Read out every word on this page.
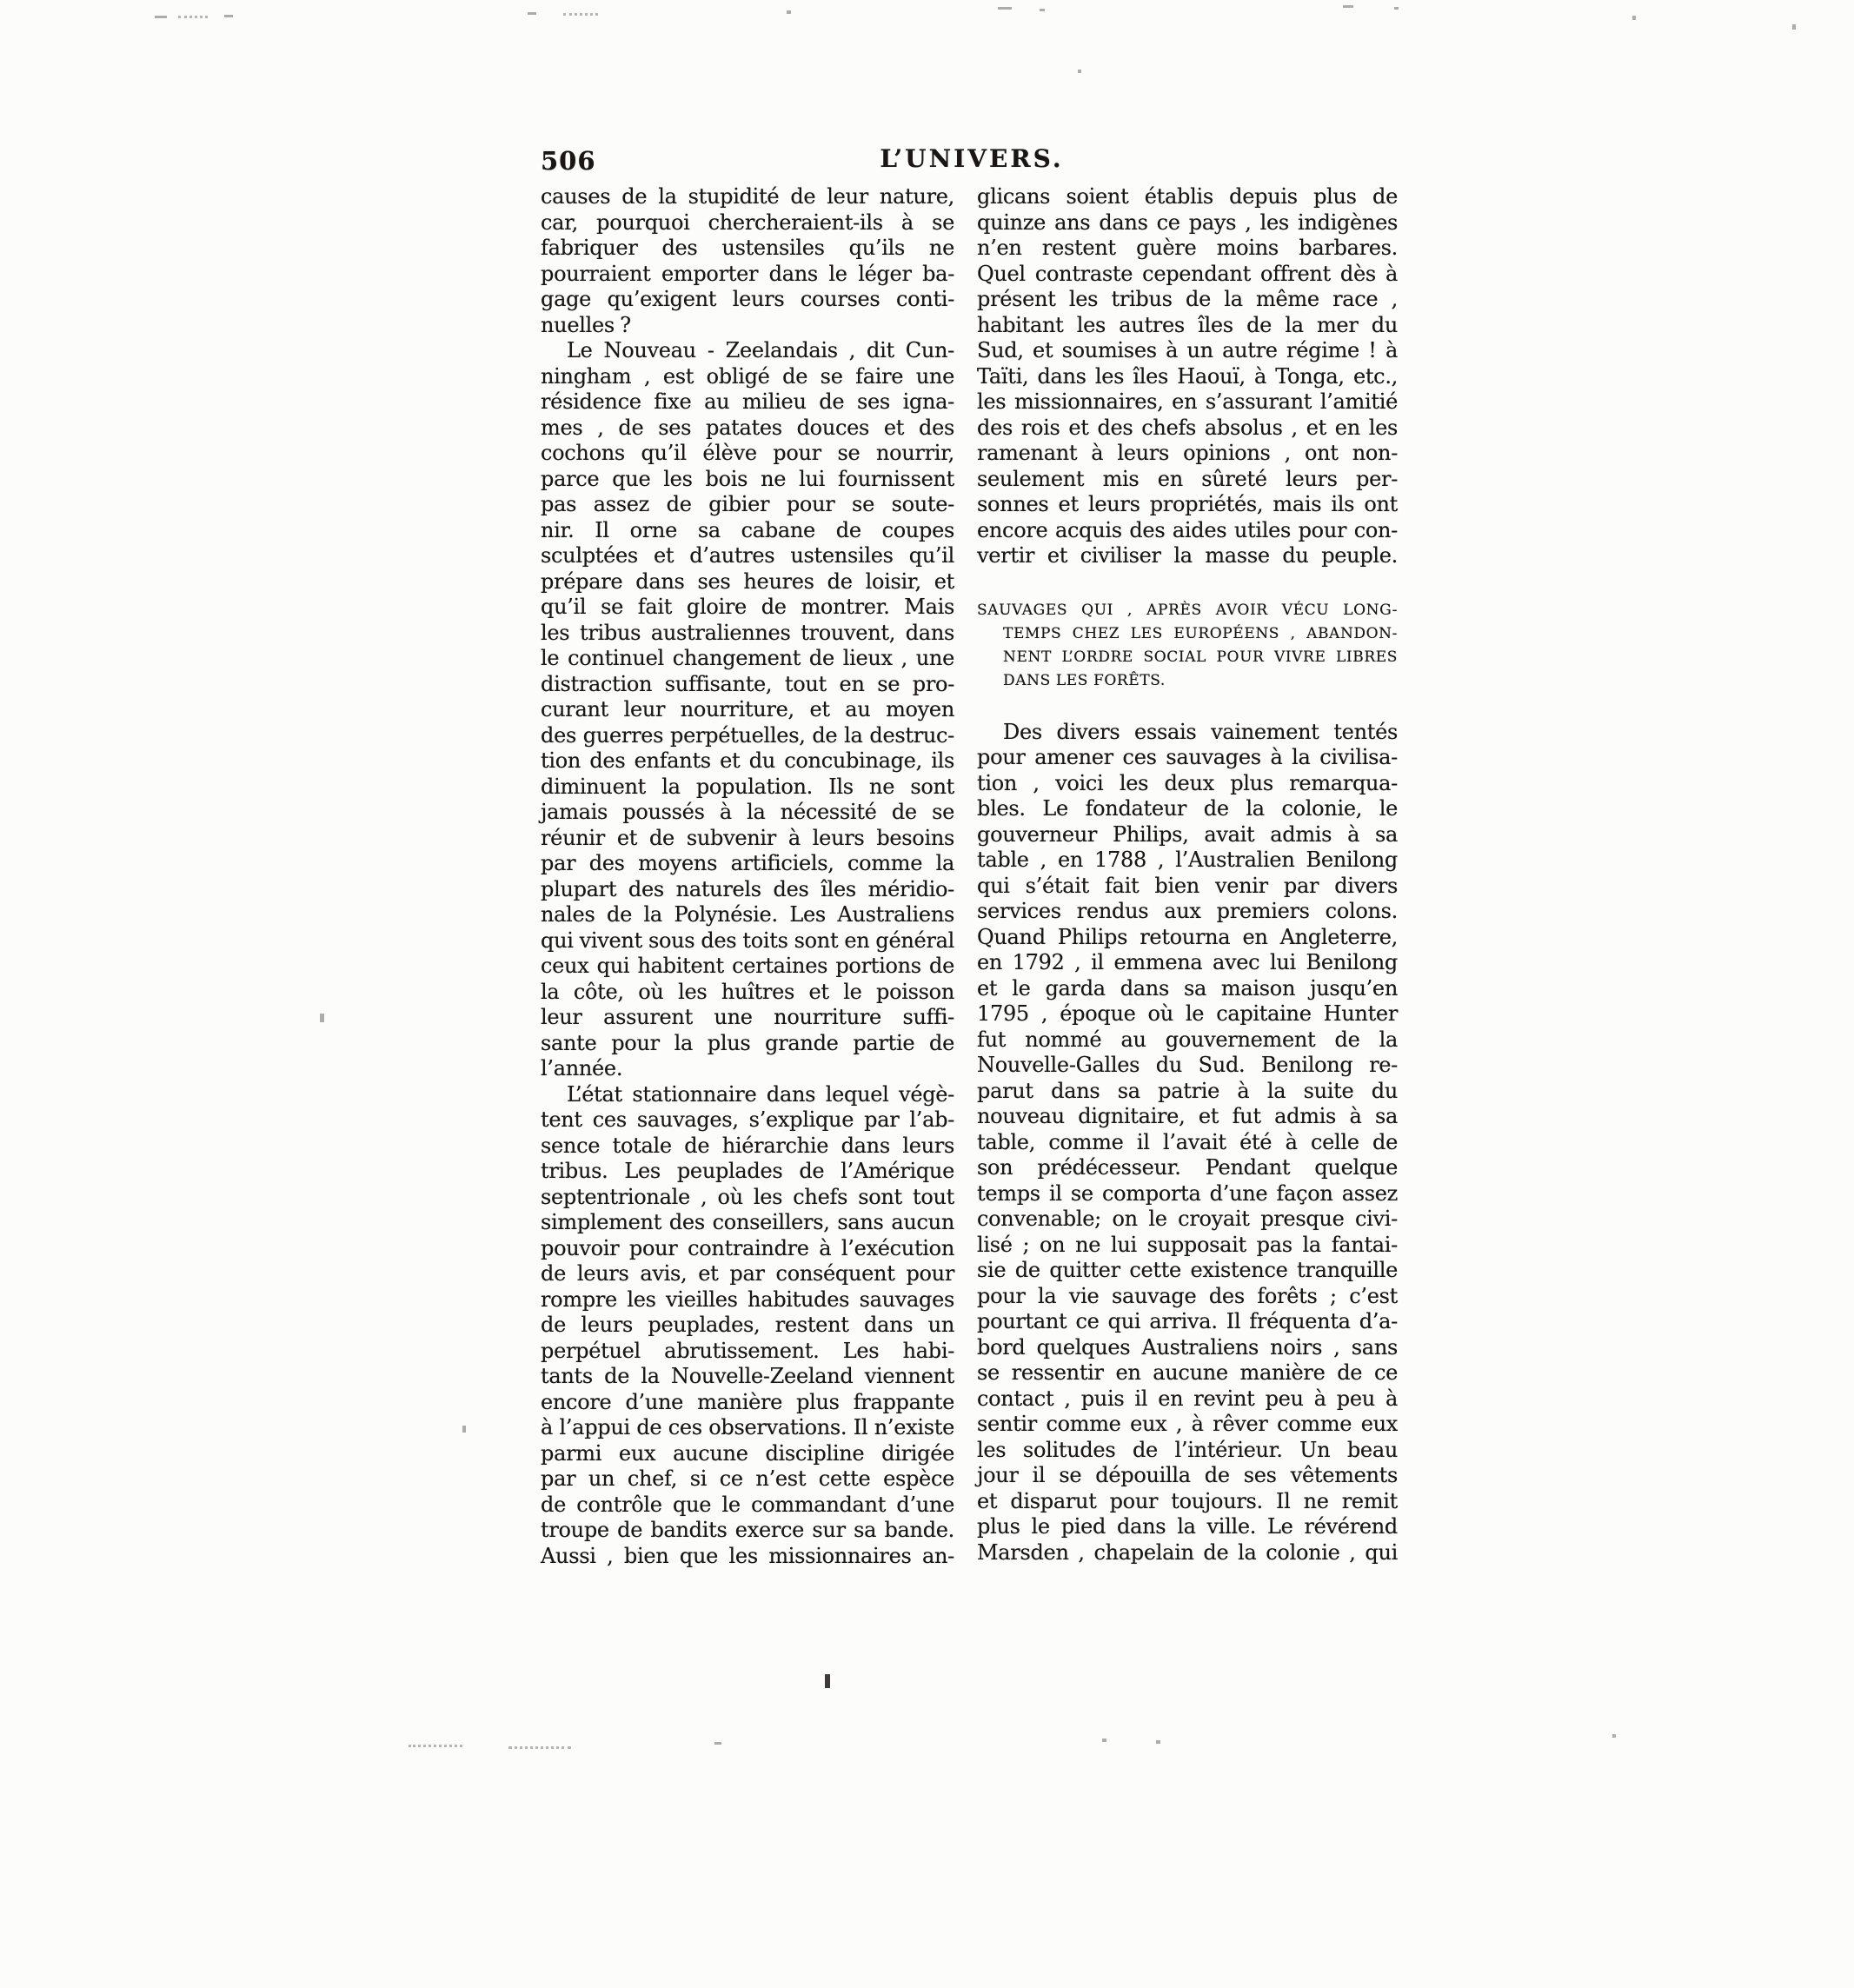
506	L’UNIVERS.
causes de la stupidité de leur nature,
car, pourquoi chercheraient-ils à se
fabriquer des ustensiles qu’ils ne
pourraient emporter dans le léger ba-
gage qu’exigent leurs courses conti-
nuelles ?
Le Nouveau - Zeelandais , dit Cun-
ningham , est obligé de se faire une
résidence fixe au milieu de ses igna-
mes , de ses patates douces et des
cochons qu’il élève pour se nourrir,
parce que les bois ne lui fournissent
pas assez de gibier pour se soute-
nir. Il orne sa cabane de coupes
sculptées et d’autres ustensiles qu’il
prépare dans ses heures de loisir, et
qu’il se fait gloire de montrer. Mais
les tribus australiennes trouvent, dans
le continuel changement de lieux , une
distraction suffisante, tout en se pro-
curant leur nourriture, et au moyen
des guerres perpétuelles, de la destruc-
tion des enfants et du concubinage, ils
diminuent la population. Ils ne sont
jamais poussés à la nécessité de se
réunir et de subvenir à leurs besoins
par des moyens artificiels, comme la
plupart des naturels des îles méridio-
nales de la Polynésie. Les Australiens
qui vivent sous des toits sont en général
ceux qui habitent certaines portions de
la côte, où les huîtres et le poisson
leur assurent une nourriture suffi-
sante pour la plus grande partie de
l’année.
L’état stationnaire dans lequel végè-
tent ces sauvages, s’explique par l’ab-
sence totale de hiérarchie dans leurs
tribus. Les peuplades de l’Amérique
septentrionale , où les chefs sont tout
simplement des conseillers, sans aucun
pouvoir pour contraindre à l’exécution
de leurs avis, et par conséquent pour
rompre les vieilles habitudes sauvages
de leurs peuplades, restent dans un
perpétuel abrutissement. Les habi-
tants de la Nouvelle-Zeeland viennent
encore d’une manière plus frappante
à l’appui de ces observations. Il n’existe
parmi eux aucune discipline dirigée
par un chef, si ce n’est cette espèce
de contrôle que le commandant d’une
troupe de bandits exerce sur sa bande.
Aussi , bien que les missionnaires an-
glicans soient établis depuis plus de
quinze ans dans ce pays , les indigènes
n’en restent guère moins barbares.
Quel contraste cependant offrent dès à
présent les tribus de la même race ,
habitant les autres îles de la mer du
Sud, et soumises à un autre régime ! à
Taïti, dans les îles Haouï, à Tonga, etc.,
les missionnaires, en s’assurant l’amitié
des rois et des chefs absolus , et en les
ramenant à leurs opinions , ont non-
seulement mis en sûreté leurs per-
sonnes et leurs propriétés, mais ils ont
encore acquis des aides utiles pour con-
vertir et civiliser la masse du peuple.
SAUVAGES QUI , APRÈS AVOIR VÉCU LONG-
TEMPS CHEZ LES EUROPÉENS , ABANDON-
NENT L’ORDRE SOCIAL POUR VIVRE LIBRES
DANS LES FORÊTS.
Des divers essais vainement tentés
pour amener ces sauvages à la civilisa-
tion , voici les deux plus remarqua-
bles. Le fondateur de la colonie, le
gouverneur Philips, avait admis à sa
table , en 1788 , l’Australien Benilong
qui s’était fait bien venir par divers
services rendus aux premiers colons.
Quand Philips retourna en Angleterre,
en 1792 , il emmena avec lui Benilong
et le garda dans sa maison jusqu’en
1795 , époque où le capitaine Hunter
fut nommé au gouvernement de la
Nouvelle-Galles du Sud. Benilong re-
parut dans sa patrie à la suite du
nouveau dignitaire, et fut admis à sa
table, comme il l’avait été à celle de
son prédécesseur. Pendant quelque
temps il se comporta d’une façon assez
convenable; on le croyait presque civi-
lisé ; on ne lui supposait pas la fantai-
sie de quitter cette existence tranquille
pour la vie sauvage des forêts ; c’est
pourtant ce qui arriva. Il fréquenta d’a-
bord quelques Australiens noirs , sans
se ressentir en aucune manière de ce
contact , puis il en revint peu à peu à
sentir comme eux , à rêver comme eux
les solitudes de l’intérieur. Un beau
jour il se dépouilla de ses vêtements
et disparut pour toujours. Il ne remit
plus le pied dans la ville. Le révérend
Marsden , chapelain de la colonie , qui
